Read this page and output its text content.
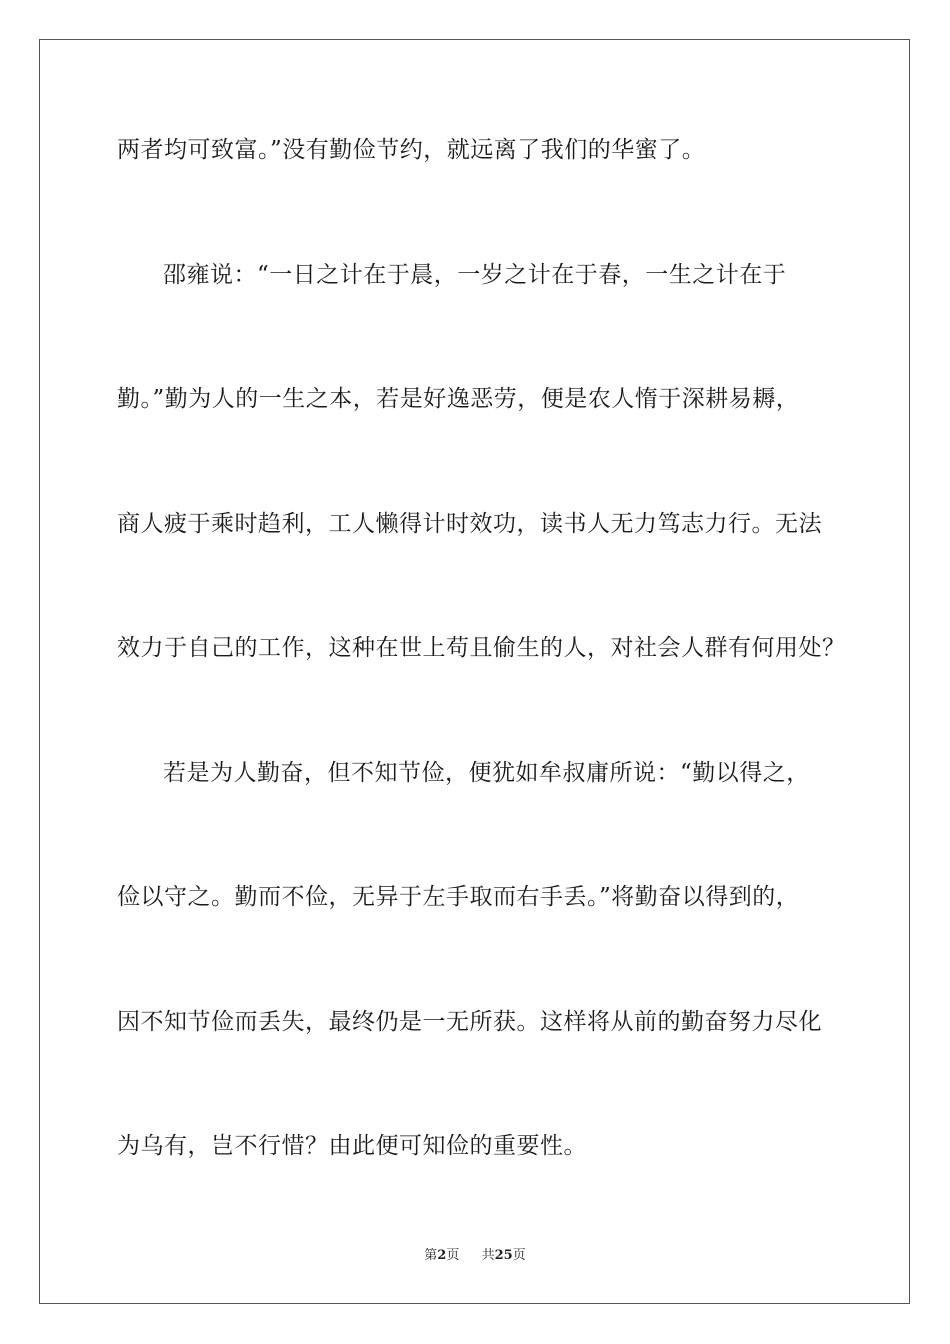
两者均可致富。”没有勤俭节约，就远离了我们的华蜜了。
邵雍说：“一日之计在于晨，一岁之计在于春，一生之计在于
勤。”勤为人的一生之本，若是好逸恶劳，便是农人惰于深耕易耨，
商人疲于乘时趋利，工人懒得计时效功，读书人无力笃志力行。无法
效力于自己的工作，这种在世上苟且偷生的人，对社会人群有何用处？
若是为人勤奋，但不知节俭，便犹如牟叔庸所说：“勤以得之，
俭以守之。勤而不俭，无异于左手取而右手丢。”将勤奋以得到的，
因不知节俭而丢失，最终仍是一无所获。这样将从前的勤奋努力尽化
为乌有，岂不行惜？由此便可知俭的重要性。
第2页 共25页
